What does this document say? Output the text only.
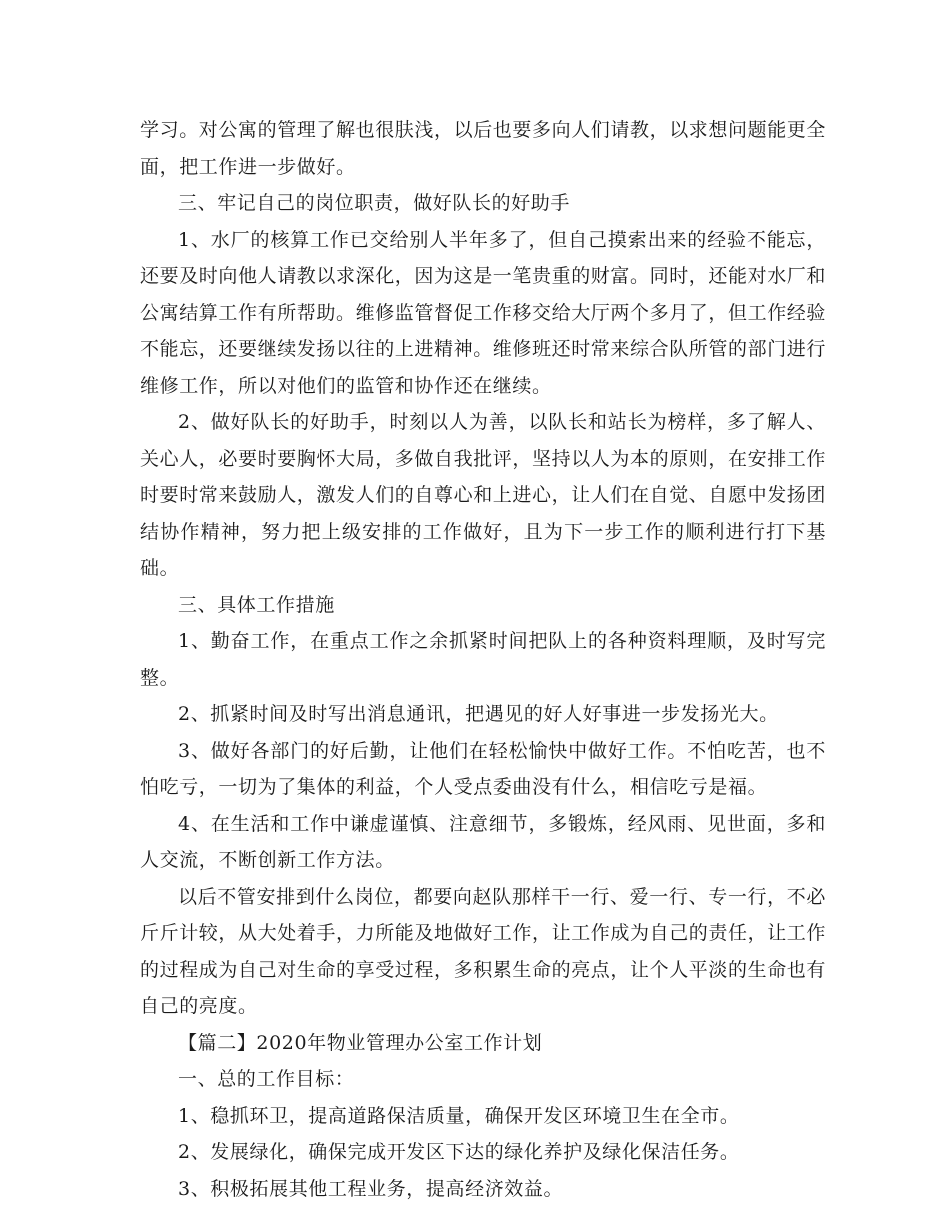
学习。对公寓的管理了解也很肤浅，以后也要多向人们请教，以求想问题能更全面，把工作进一步做好。

三、牢记自己的岗位职责，做好队长的好助手

1、水厂的核算工作已交给别人半年多了，但自己摸索出来的经验不能忘，还要及时向他人请教以求深化，因为这是一笔贵重的财富。同时，还能对水厂和公寓结算工作有所帮助。维修监管督促工作移交给大厅两个多月了，但工作经验不能忘，还要继续发扬以往的上进精神。维修班还时常来综合队所管的部门进行维修工作，所以对他们的监管和协作还在继续。

2、做好队长的好助手，时刻以人为善，以队长和站长为榜样，多了解人、关心人，必要时要胸怀大局，多做自我批评，坚持以人为本的原则，在安排工作时要时常来鼓励人，激发人们的自尊心和上进心，让人们在自觉、自愿中发扬团结协作精神，努力把上级安排的工作做好，且为下一步工作的顺利进行打下基础。

三、具体工作措施

1、勤奋工作，在重点工作之余抓紧时间把队上的各种资料理顺，及时写完整。

2、抓紧时间及时写出消息通讯，把遇见的好人好事进一步发扬光大。

3、做好各部门的好后勤，让他们在轻松愉快中做好工作。不怕吃苦，也不怕吃亏，一切为了集体的利益，个人受点委曲没有什么，相信吃亏是福。

4、在生活和工作中谦虚谨慎、注意细节，多锻炼，经风雨、见世面，多和人交流，不断创新工作方法。

以后不管安排到什么岗位，都要向赵队那样干一行、爱一行、专一行，不必斤斤计较，从大处着手，力所能及地做好工作，让工作成为自己的责任，让工作的过程成为自己对生命的享受过程，多积累生命的亮点，让个人平淡的生命也有自己的亮度。

【篇二】2020年物业管理办公室工作计划

一、总的工作目标：

1、稳抓环卫，提高道路保洁质量，确保开发区环境卫生在全市。

2、发展绿化，确保完成开发区下达的绿化养护及绿化保洁任务。

3、积极拓展其他工程业务，提高经济效益。
